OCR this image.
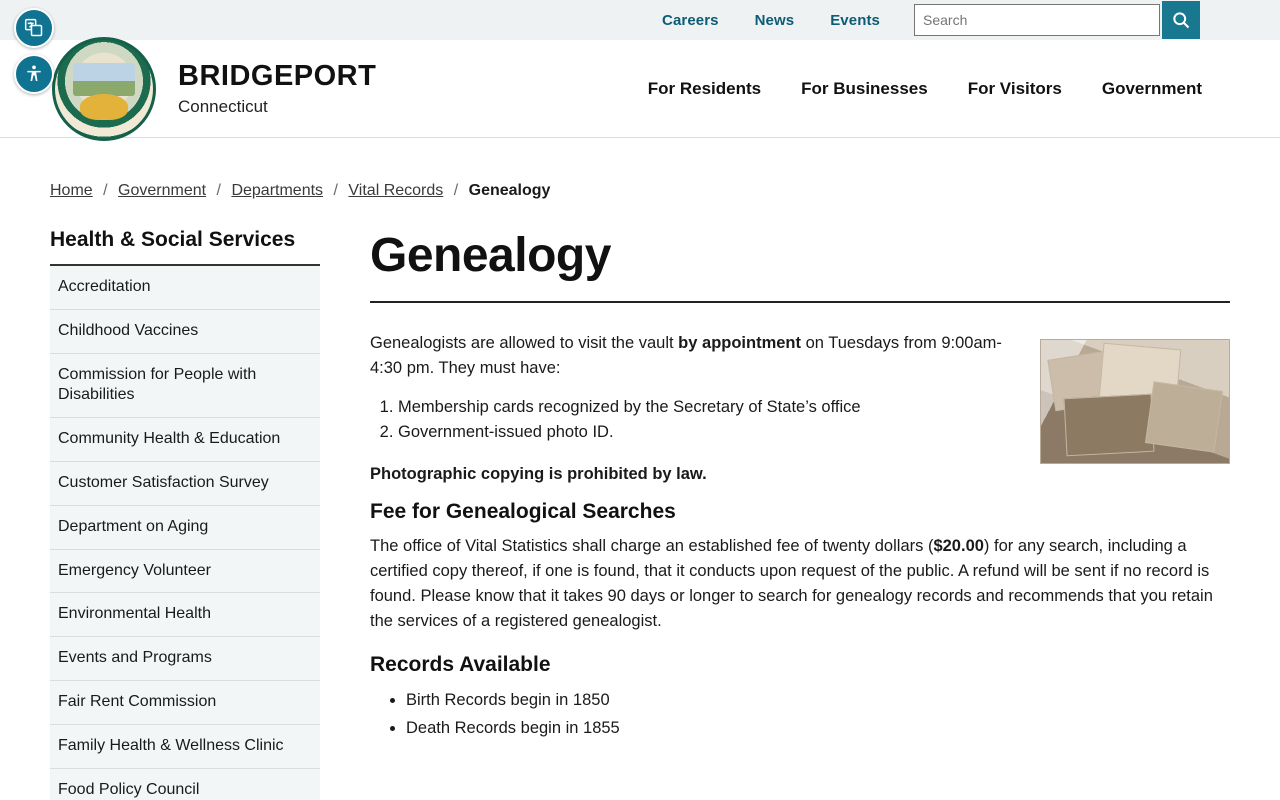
Careers News Events
Search
BRIDGEPORT
Connecticut
For Residents For Businesses For Visitors Government
Home / Government / Departments / Vital Records / Genealogy
Health & Social Services
Accreditation
Childhood Vaccines
Commission for People with Disabilities
Community Health & Education
Customer Satisfaction Survey
Department on Aging
Emergency Volunteer
Environmental Health
Events and Programs
Fair Rent Commission
Family Health & Wellness Clinic
Food Policy Council
Genealogy

Genealogists are allowed to visit the vault by appointment on Tuesdays from 9:00am-4:30 pm. They must have:

1. Membership cards recognized by the Secretary of State’s office
2. Government-issued photo ID.

Photographic copying is prohibited by law.

Fee for Genealogical Searches

The office of Vital Statistics shall charge an established fee of twenty dollars ($20.00) for any search, including a certified copy thereof, if one is found, that it conducts upon request of the public. A refund will be sent if no record is found. Please know that it takes 90 days or longer to search for genealogy records and recommends that you retain the services of a registered genealogist.

Records Available
• Birth Records begin in 1850
• Death Records begin in 1855
